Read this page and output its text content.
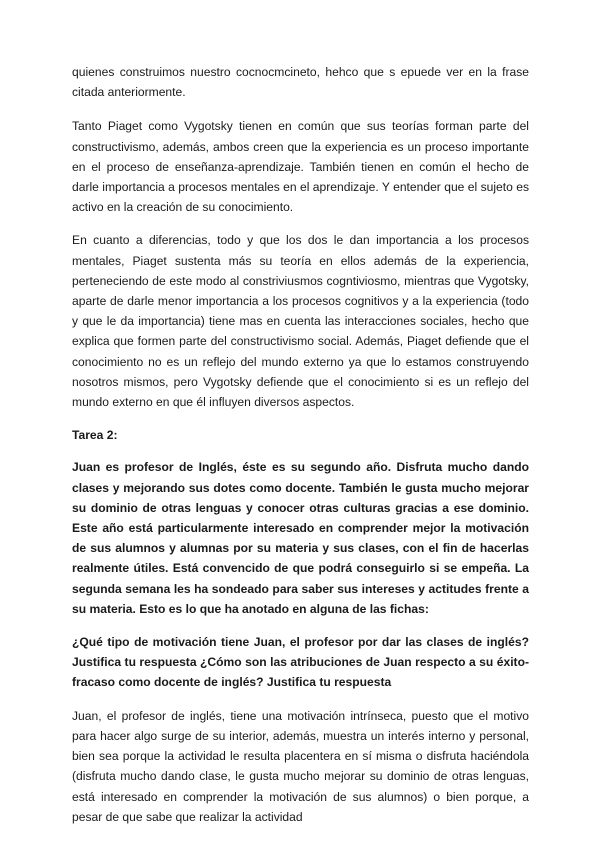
quienes construimos nuestro cocnocmcineto, hehco que s epuede ver en la frase citada anteriormente.

Tanto Piaget como Vygotsky tienen en común que sus teorías forman parte del constructivismo, además, ambos creen que la experiencia es un proceso importante en el proceso de enseñanza-aprendizaje. También tienen en común el hecho de darle importancia a procesos mentales en el aprendizaje. Y entender que el sujeto es activo en la creación de su conocimiento.

En cuanto a diferencias, todo y que los dos le dan importancia a los procesos mentales, Piaget sustenta más su teoría en ellos además de la experiencia, perteneciendo de este modo al constriviusmos cogntiviosmo, mientras que Vygotsky, aparte de darle menor importancia a los procesos cognitivos y a la experiencia (todo y que le da importancia) tiene mas en cuenta las interacciones sociales, hecho que explica que formen parte del constructivismo social. Además, Piaget defiende que el conocimiento no es un reflejo del mundo externo ya que lo estamos construyendo nosotros mismos, pero Vygotsky defiende que el conocimiento si es un reflejo del mundo externo en que él influyen diversos aspectos.

Tarea 2:

Juan es profesor de Inglés, éste es su segundo año. Disfruta mucho dando clases y mejorando sus dotes como docente. También le gusta mucho mejorar su dominio de otras lenguas y conocer otras culturas gracias a ese dominio. Este año está particularmente interesado en comprender mejor la motivación de sus alumnos y alumnas por su materia y sus clases, con el fin de hacerlas realmente útiles. Está convencido de que podrá conseguirlo si se empeña. La segunda semana les ha sondeado para saber sus intereses y actitudes frente a su materia. Esto es lo que ha anotado en alguna de las fichas:

¿Qué tipo de motivación tiene Juan, el profesor por dar las clases de inglés? Justifica tu respuesta ¿Cómo son las atribuciones de Juan respecto a su éxito-fracaso como docente de inglés? Justifica tu respuesta

Juan, el profesor de inglés, tiene una motivación intrínseca, puesto que el motivo para hacer algo surge de su interior, además, muestra un interés interno y personal, bien sea porque la actividad le resulta placentera en sí misma o disfruta haciéndola (disfruta mucho dando clase, le gusta mucho mejorar su dominio de otras lenguas, está interesado en comprender la motivación de sus alumnos) o bien porque, a pesar de que sabe que realizar la actividad
